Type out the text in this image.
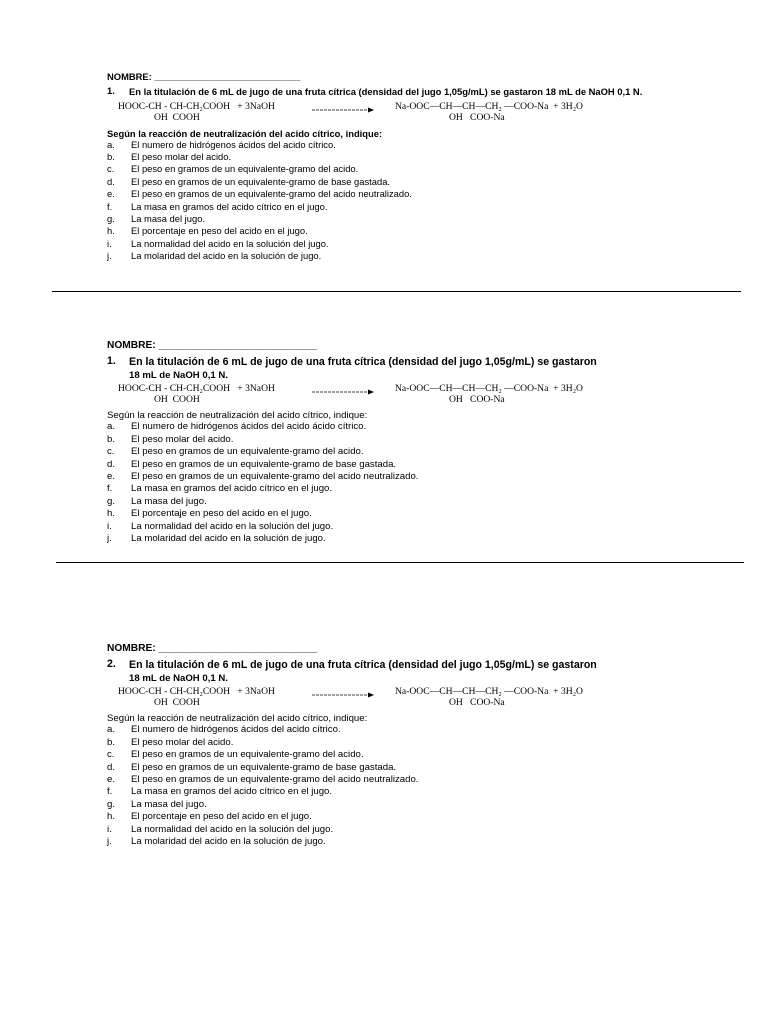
NOMBRE: ____________________________
1.	En la titulación de 6 mL de jugo de una fruta cítrica (densidad del jugo 1,05g/mL) se gastaron 18 mL de NaOH 0,1 N.
HOOC-CH - CH-CH₂COOH   + 3NaOH
OH  COOH
Na-OOC—CH—CH—CH₂ —COO-Na  + 3H₂O
OH   COO-Na
Según la reacción de neutralización del acido cítrico, indique:
a.	El numero de hidrógenos ácidos del acido cítrico.
b.	El peso molar del acido.
c.	El peso en gramos de un equivalente-gramo del acido.
d.	El peso en gramos de un equivalente-gramo de base gastada.
e.	El peso en gramos de un equivalente-gramo del acido neutralizado.
f.	La masa en gramos del acido cítrico en el jugo.
g.	La masa del jugo.
h.	El porcentaje en peso del acido en el jugo.
i.	La normalidad del acido en la solución del jugo.
j.	La molaridad del acido en la solución de jugo.
NOMBRE: ____________________________
1.	En la titulación de 6 mL de jugo de una fruta cítrica (densidad del jugo 1,05g/mL) se gastaron
18 mL de NaOH 0,1 N.
HOOC-CH - CH-CH₂COOH   + 3NaOH
OH  COOH
Na-OOC—CH—CH—CH₂ —COO-Na  + 3H₂O
OH   COO-Na
Según la reacción de neutralización del acido cítrico, indique:
a.	El numero de hidrógenos ácidos del acido ácido cítrico.
b.	El peso molar del acido.
c.	El peso en gramos de un equivalente-gramo del acido.
d.	El peso en gramos de un equivalente-gramo de base gastada.
e.	El peso en gramos de un equivalente-gramo del acido neutralizado.
f.	La masa en gramos del acido cítrico en el jugo.
g.	La masa del jugo.
h.	El porcentaje en peso del acido en el jugo.
i.	La normalidad del acido en la solución del jugo.
j.	La molaridad del acido en la solución de jugo.
NOMBRE: ____________________________
2.	En la titulación de 6 mL de jugo de una fruta cítrica (densidad del jugo 1,05g/mL) se gastaron
18 mL de NaOH 0,1 N.
HOOC-CH - CH-CH₂COOH   + 3NaOH
OH  COOH
Na-OOC—CH—CH—CH₂ —COO-Na  + 3H₂O
OH   COO-Na
Según la reacción de neutralización del acido cítrico, indique:
a.	El numero de hidrógenos ácidos del acido cítrico.
b.	El peso molar del acido.
c.	El peso en gramos de un equivalente-gramo del acido.
d.	El peso en gramos de un equivalente-gramo de base gastada.
e.	El peso en gramos de un equivalente-gramo del acido neutralizado.
f.	La masa en gramos del acido cítrico en el jugo.
g.	La masa del jugo.
h.	El porcentaje en peso del acido en el jugo.
i.	La normalidad del acido en la solución del jugo.
j.	La molaridad del acido en la solución de jugo.
